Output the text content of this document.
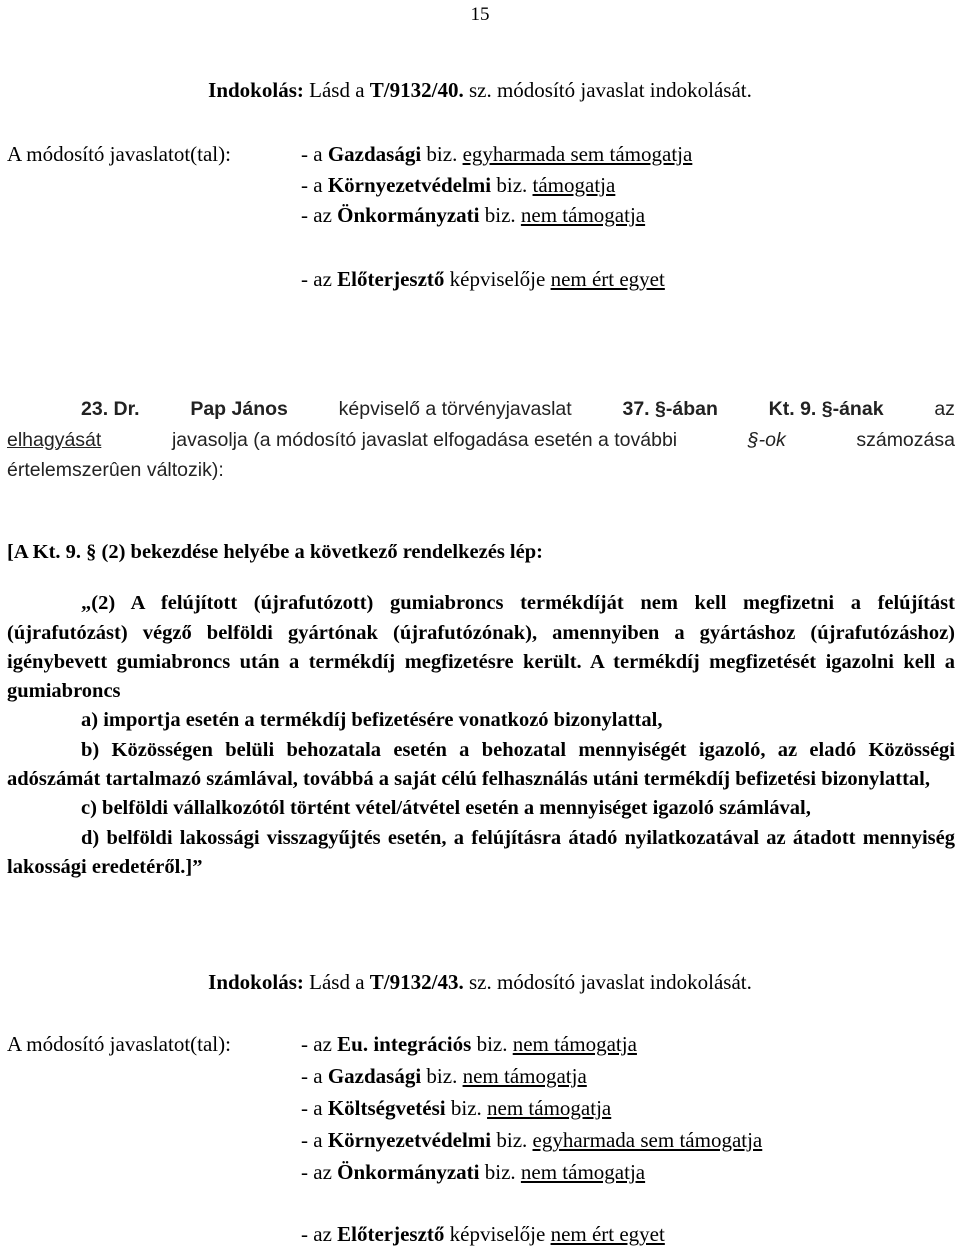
15
Indokolás: Lásd a T/9132/40. sz. módosító javaslat indokolását.
A módosító javaslatot(tal):	- a Gazdasági biz. egyharmada sem támogatja
- a Környezetvédelmi biz. támogatja
- az Önkormányzati biz. nem támogatja
- az Előterjesztő képviselője nem ért egyet
23. Dr.	Pap János	képviselő a törvényjavaslat	37. §-ában	Kt. 9. §-ának	az
elhagyását	javasolja (a módosító javaslat elfogadása esetén a további	§-ok	számozása
értelemszerûen változik):

[A Kt. 9. § (2) bekezdése helyébe a következő rendelkezés lép:

„(2) A felújított (újrafutózott) gumiabroncs termékdíját nem kell megfizetni a felújítást (újrafutózást) végző belföldi gyártónak (újrafutózónak), amennyiben a gyártáshoz (újrafutózáshoz) igénybevett gumiabroncs után a termékdíj megfizetésre került. A termékdíj megfizetését igazolni kell a gumiabroncs

a) importja esetén a termékdíj befizetésére vonatkozó bizonylattal,

b) Közösségen belüli behozatala esetén a behozatal mennyiségét igazoló, az eladó Közösségi adószámát tartalmazó számlával, továbbá a saját célú felhasználás utáni termékdíj befizetési bizonylattal,

c) belföldi vállalkozótól történt vétel/átvétel esetén a mennyiséget igazoló számlával,

d) belföldi lakossági visszagyűjtés esetén, a felújításra átadó nyilatkozatával az átadott mennyiség lakossági eredetéről.]”

Indokolás: Lásd a T/9132/43. sz. módosító javaslat indokolását.
A módosító javaslatot(tal):	- az Eu. integrációs biz. nem támogatja
- a Gazdasági biz. nem támogatja
- a Költségvetési biz. nem támogatja
- a Környezetvédelmi biz. egyharmada sem támogatja
- az Önkormányzati biz. nem támogatja
- az Előterjesztő képviselője nem ért egyet
